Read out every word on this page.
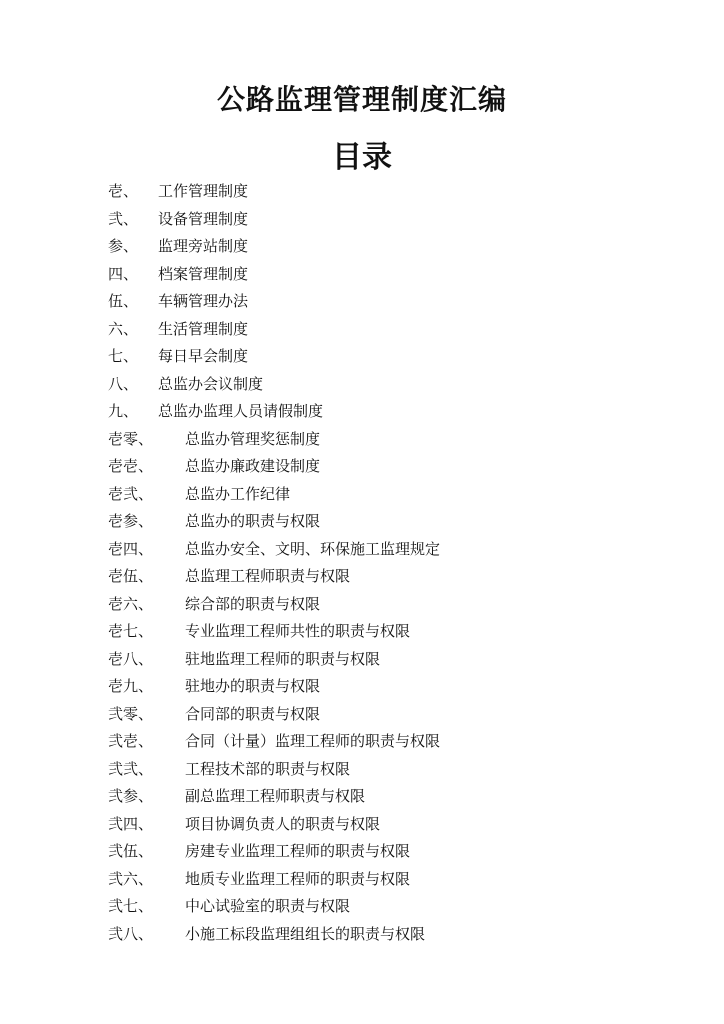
公路监理管理制度汇编
目录
壱、 工作管理制度
弐、 设备管理制度
参、 监理旁站制度
四、 档案管理制度
伍、 车辆管理办法
六、 生活管理制度
七、 每日早会制度
八、 总监办会议制度
九、 总监办监理人员请假制度
壱零、 总监办管理奖惩制度
壱壱、 总监办廉政建设制度
壱弐、 总监办工作纪律
壱参、 总监办的职责与权限
壱四、 总监办安全、文明、环保施工监理规定
壱伍、 总监理工程师职责与权限
壱六、 综合部的职责与权限
壱七、 专业监理工程师共性的职责与权限
壱八、 驻地监理工程师的职责与权限
壱九、 驻地办的职责与权限
弐零、 合同部的职责与权限
弐壱、 合同（计量）监理工程师的职责与权限
弐弐、 工程技术部的职责与权限
弐参、 副总监理工程师职责与权限
弐四、 项目协调负责人的职责与权限
弐伍、 房建专业监理工程师的职责与权限
弐六、 地质专业监理工程师的职责与权限
弐七、 中心试验室的职责与权限
弐八、 小施工标段监理组组长的职责与权限
